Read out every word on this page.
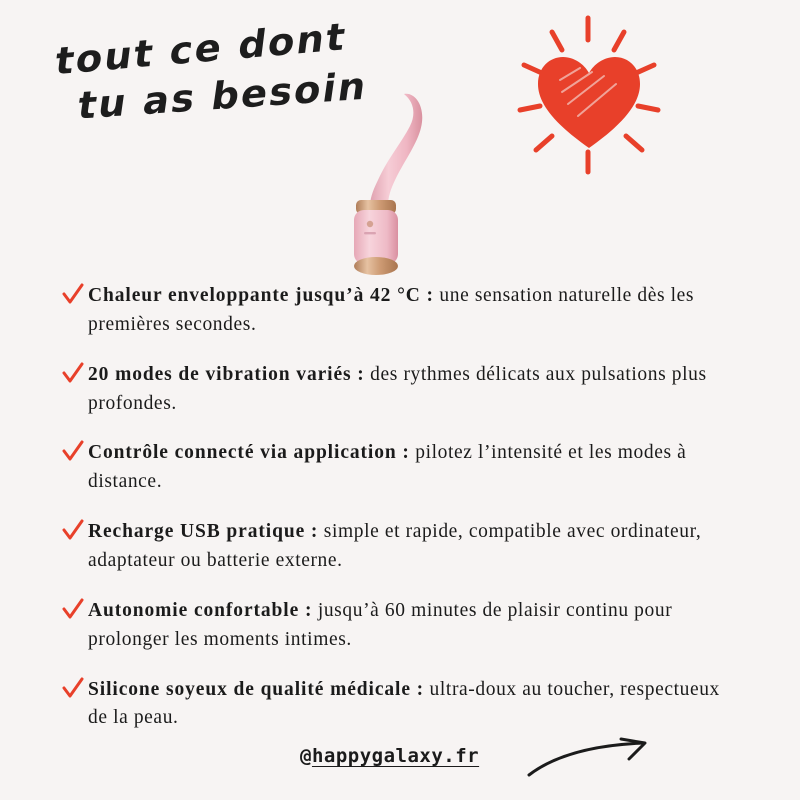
tout ce dont
tu as besoin
Chaleur enveloppante jusqu’à 42 °C : une sensation naturelle dès les premières secondes.
20 modes de vibration variés : des rythmes délicats aux pulsations plus profondes.
Contrôle connecté via application : pilotez l’intensité et les modes à distance.
Recharge USB pratique : simple et rapide, compatible avec ordinateur, adaptateur ou batterie externe.
Autonomie confortable : jusqu’à 60 minutes de plaisir continu pour prolonger les moments intimes.
Silicone soyeux de qualité médicale : ultra-doux au toucher, respectueux de la peau.
@happygalaxy.fr
